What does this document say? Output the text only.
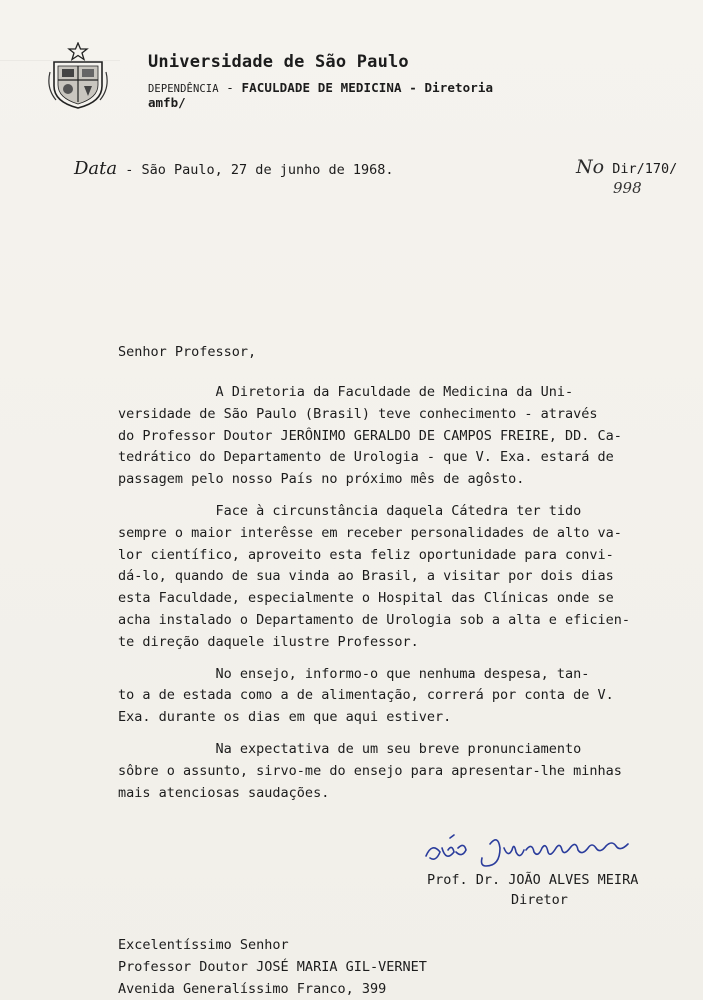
Universidade de São Paulo
DEPENDÊNCIA - FACULDADE DE MEDICINA - Diretoria
amfb/
Data - São Paulo, 27 de junho de 1968.	No Dir/170/
998
Senhor Professor,

A Diretoria da Faculdade de Medicina da Uni-
versidade de São Paulo (Brasil) teve conhecimento - através
do Professor Doutor JERÔNIMO GERALDO DE CAMPOS FREIRE, DD. Ca-
tedrático do Departamento de Urologia - que V. Exa. estará de
passagem pelo nosso País no próximo mês de agôsto.

Face à circunstância daquela Cátedra ter tido
sempre o maior interêsse em receber personalidades de alto va-
lor científico, aproveito esta feliz oportunidade para convi-
dá-lo, quando de sua vinda ao Brasil, a visitar por dois dias
esta Faculdade, especialmente o Hospital das Clínicas onde se
acha instalado o Departamento de Urologia sob a alta e eficien-
te direção daquele ilustre Professor.

No ensejo, informo-o que nenhuma despesa, tan-
to a de estada como a de alimentação, correrá por conta de V.
Exa. durante os dias em que aqui estiver.

Na expectativa de um seu breve pronunciamento
sôbre o assunto, sirvo-me do ensejo para apresentar-lhe minhas
mais atenciosas saudações.

Prof. Dr. JOÃO ALVES MEIRA
Diretor
Excelentíssimo Senhor
Professor Doutor JOSÉ MARIA GIL-VERNET
Avenida Generalíssimo Franco, 399
